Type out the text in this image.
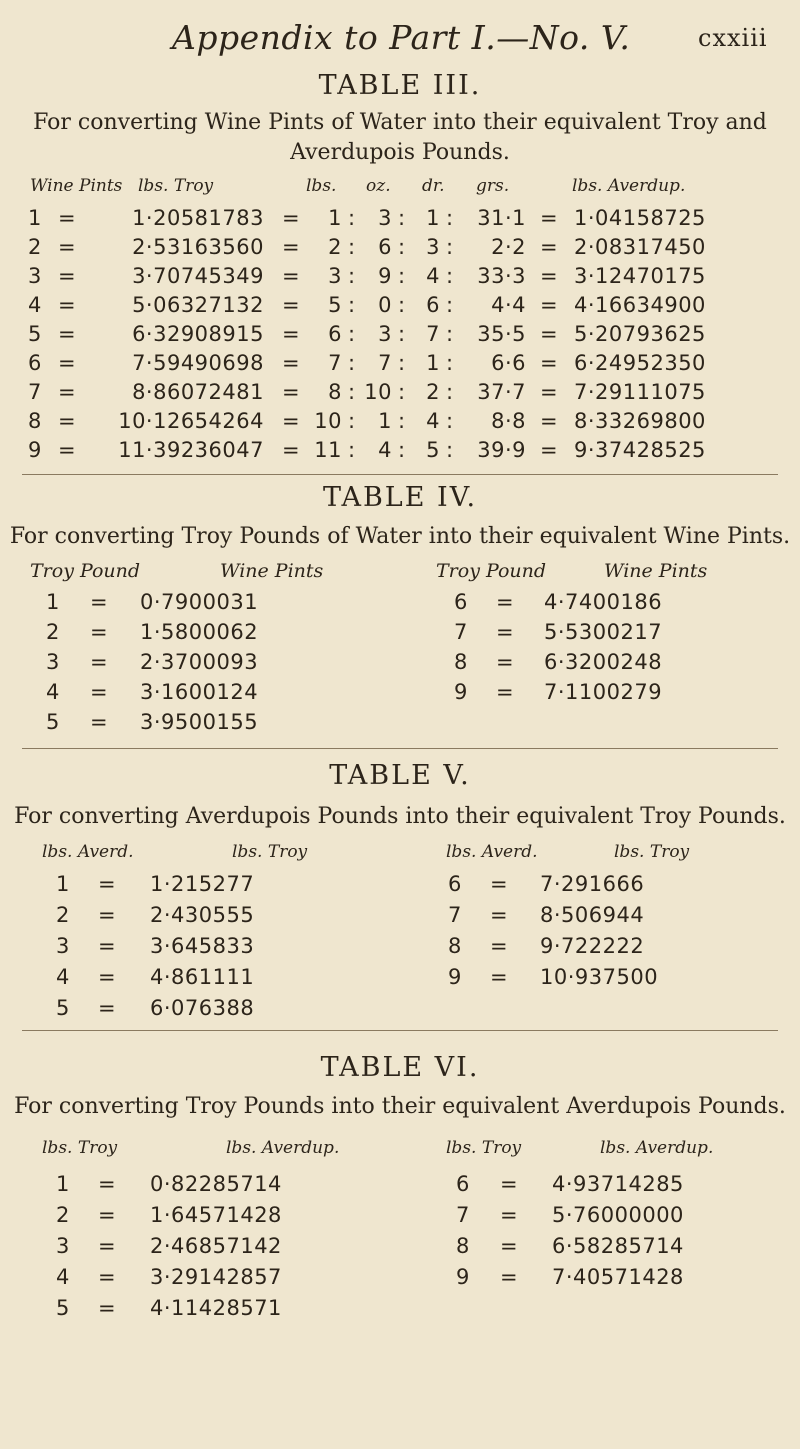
Appendix to Part I.—No. V.	cxxiii
TABLE III.
For converting Wine Pints of Water into their equivalent Troy and
Averdupois Pounds.
Wine Pints lbs. Troy	lbs. oz. dr. grs.	lbs. Averdup.
1 =	1·20581783 = 1 : 3 : 1 : 31·1 = 1·04158725
2 =	2·53163560 = 2 : 6 : 3 : 2·2 = 2·08317450
3 =	3·70745349 = 3 : 9 : 4 : 33·3 = 3·12470175
4 =	5·06327132 = 5 : 0 : 6 : 4·4 = 4·16634900
5 =	6·32908915 = 6 : 3 : 7 : 35·5 = 5·20793625
6 =	7·59490698 = 7 : 7 : 1 : 6·6 = 6·24952350
7 =	8·86072481 = 8 : 10 : 2 : 37·7 = 7·29111075
8 = 10·12654264 = 10 : 1 : 4 : 8·8 = 8·33269800
9 = 11·39236047 = 11 : 4 : 5 : 39·9 = 9·37428525
TABLE IV.
For converting Troy Pounds of Water into their equivalent Wine Pints.
Troy Pound	Wine Pints	Troy Pound	Wine Pints
1 = 0·7900031	6 = 4·7400186
2 = 1·5800062	7 = 5·5300217
3 = 2·3700093	8 = 6·3200248
4 = 3·1600124	9 = 7·1100279
5 = 3·9500155
TABLE V.
For converting Averdupois Pounds into their equivalent Troy Pounds.
lbs. Averd.	lbs. Troy	lbs. Averd.	lbs. Troy
1 = 1·215277	6 = 7·291666
2 = 2·430555	7 = 8·506944
3 = 3·645833	8 = 9·722222
4 = 4·861111	9 = 10·937500
5 = 6·076388
TABLE VI.
For converting Troy Pounds into their equivalent Averdupois Pounds.
lbs. Troy	lbs. Averdup.	lbs. Troy	lbs. Averdup.
1 = 0·82285714	6 = 4·93714285
2 = 1·64571428	7 = 5·76000000
3 = 2·46857142	8 = 6·58285714
4 = 3·29142857	9 = 7·40571428
5 = 4·11428571
